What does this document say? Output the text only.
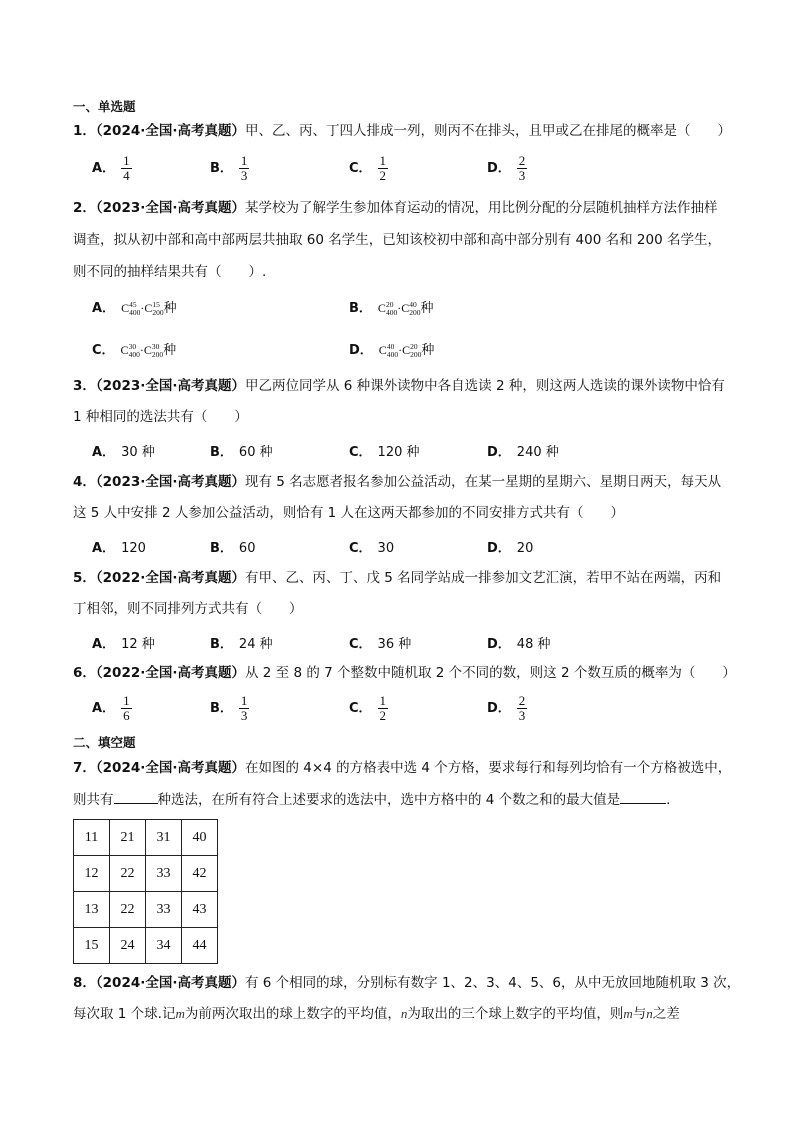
一、单选题
1．（2024·全国·高考真题）甲、乙、丙、丁四人排成一列，则丙不在排头，且甲或乙在排尾的概率是（　　）
A． $\frac{1}{4}$	B． $\frac{1}{3}$	C． $\frac{1}{2}$	D． $\frac{2}{3}$
2．（2023·全国·高考真题）某学校为了解学生参加体育运动的情况，用比例分配的分层随机抽样方法作抽样
调查，拟从初中部和高中部两层共抽取 60 名学生，已知该校初中部和高中部分别有 400 名和 200 名学生，
则不同的抽样结果共有（　　）.
A． C 45
400 ·C 15
200 种	B． C 20
400 ·C 40
200 种
C． C 30
400 ·C 30
200 种	D． C 40
400 ·C 20
200 种
3．（2023·全国·高考真题）甲乙两位同学从 6 种课外读物中各自选读 2 种，则这两人选读的课外读物中恰有
1 种相同的选法共有（　　）
A． 30 种	B． 60 种	C． 120 种	D． 240 种
4．（2023·全国·高考真题）现有 5 名志愿者报名参加公益活动，在某一星期的星期六、星期日两天，每天从
这 5 人中安排 2 人参加公益活动，则恰有 1 人在这两天都参加的不同安排方式共有（　　）
A． 120	B． 60	C． 30	D． 20
5．（2022·全国·高考真题）有甲、乙、丙、丁、戊 5 名同学站成一排参加文艺汇演，若甲不站在两端，丙和
丁相邻，则不同排列方式共有（　　）
A． 12 种	B． 24 种	C． 36 种	D． 48 种
6．（2022·全国·高考真题）从 2 至 8 的 7 个整数中随机取 2 个不同的数，则这 2 个数互质的概率为（　　）
A． $\frac{1}{6}$	B． $\frac{1}{3}$	C． $\frac{1}{2}$	D． $\frac{2}{3}$
二、填空题
7．（2024·全国·高考真题）在如图的 4×4 的方格表中选 4 个方格，要求每行和每列均恰有一个方格被选中，
则共有	种选法，在所有符合上述要求的选法中，选中方格中的 4 个数之和的最大值是	.
11	21	31	40
12	22	33	42
13	22	33	43
15	24	34	44
8．（2024·全国·高考真题）有 6 个相同的球，分别标有数字 1、2、3、4、5、6，从中无放回地随机取 3 次，
每次取 1 个球.记m为前两次取出的球上数字的平均值，n为取出的三个球上数字的平均值，则m与n之差
